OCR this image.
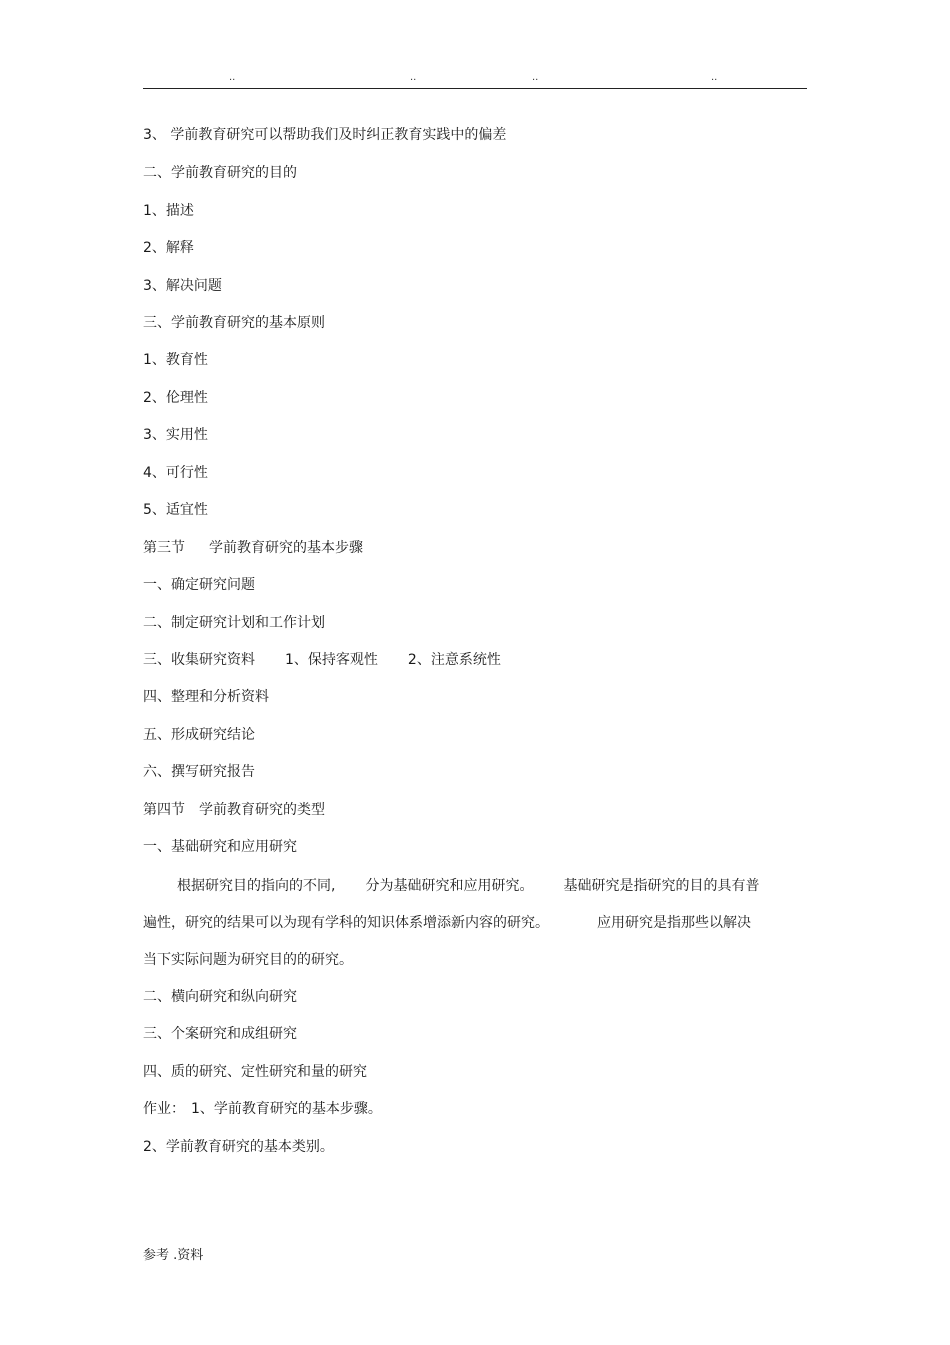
..	..	..	..
3、 学前教育研究可以帮助我们及时纠正教育实践中的偏差
二、学前教育研究的目的
1、描述
2、解释
3、解决问题
三、学前教育研究的基本原则
1、教育性
2、伦理性
3、实用性
4、可行性
5、适宜性
第三节 学前教育研究的基本步骤
一、确定研究问题
二、制定研究计划和工作计划
三、收集研究资料 1、保持客观性 2、注意系统性
四、整理和分析资料
五、形成研究结论
六、撰写研究报告
第四节 学前教育研究的类型
一、基础研究和应用研究
根据研究目的指向的不同, 分为基础研究和应用研究。 基础研究是指研究的目的具有普
遍性，研究的结果可以为现有学科的知识体系增添新内容的研究。	应用研究是指那些以解决
当下实际问题为研究目的的研究。
二、横向研究和纵向研究
三、个案研究和成组研究
四、质的研究、定性研究和量的研究
作业： 1、学前教育研究的基本步骤。
2、学前教育研究的基本类别。
参考 .资料
